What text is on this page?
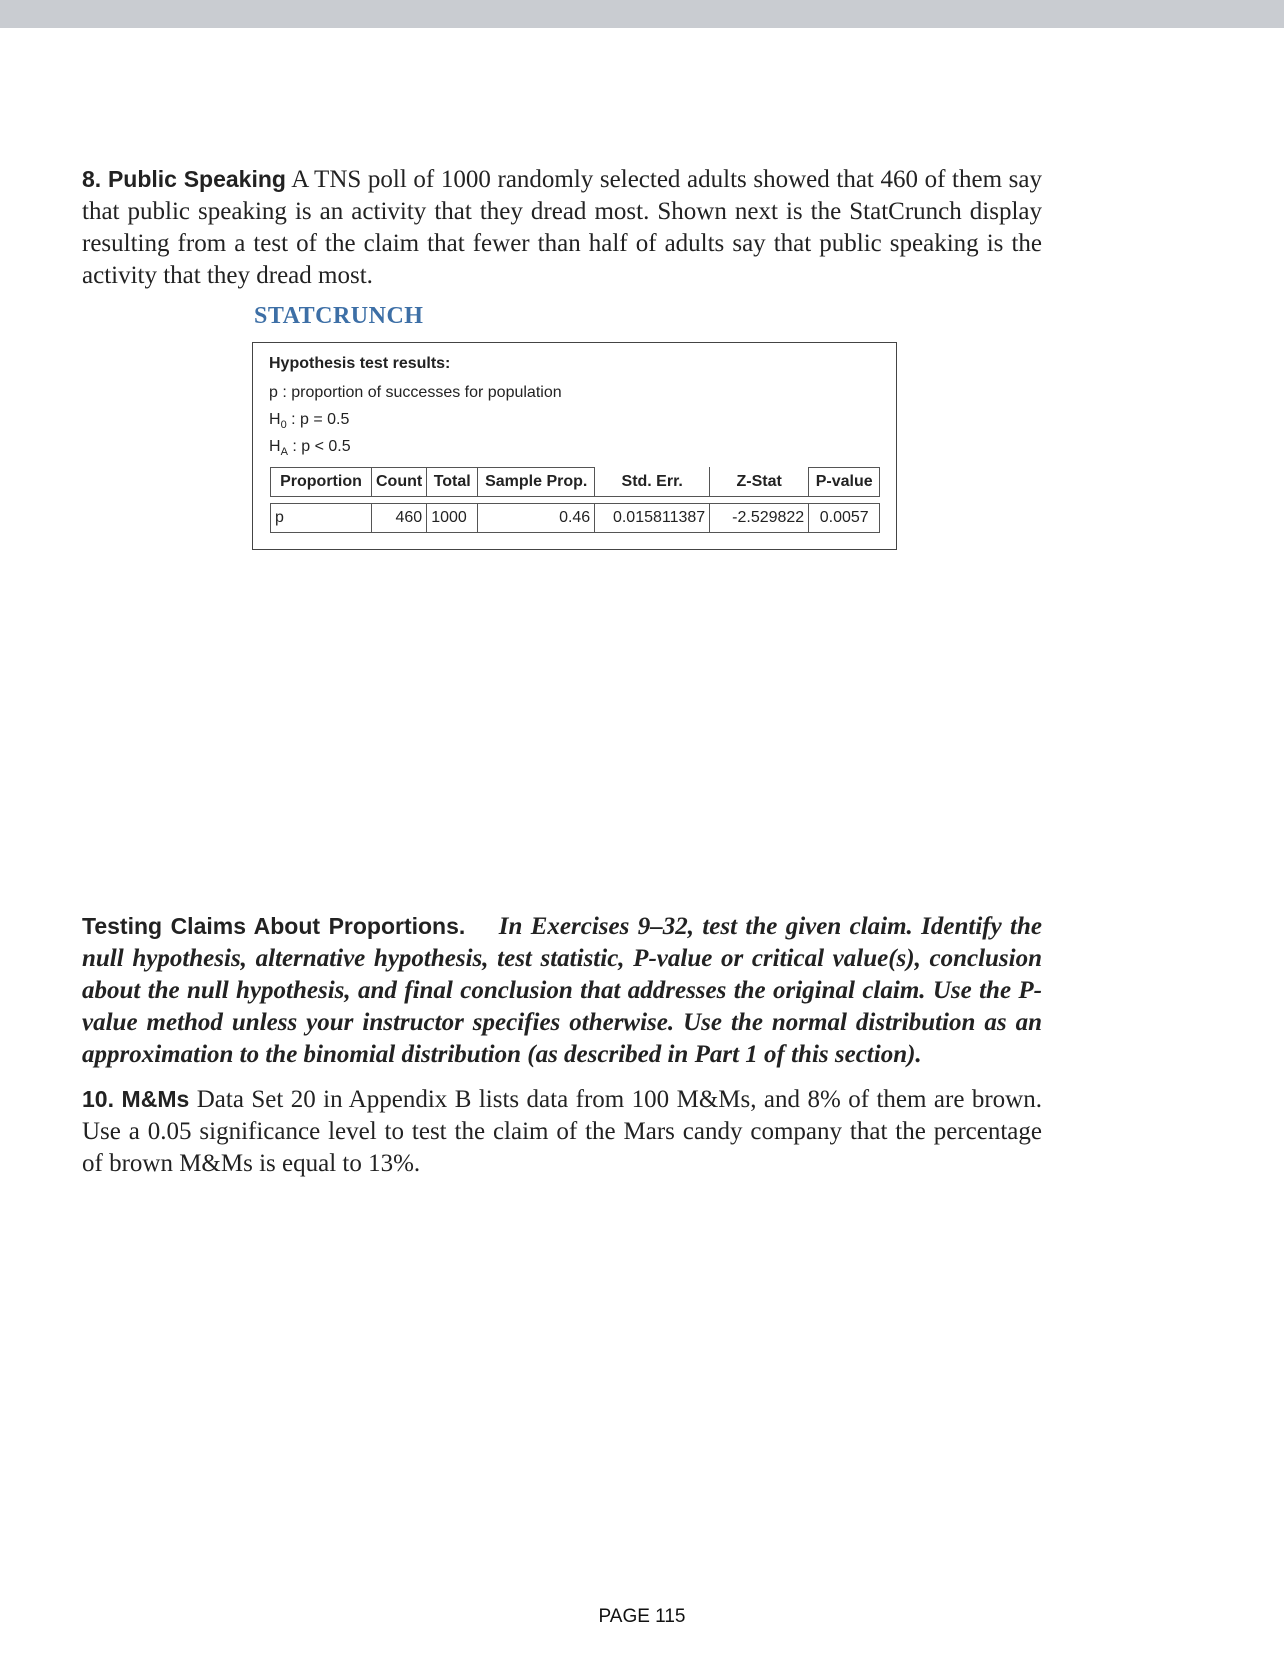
8. Public Speaking A TNS poll of 1000 randomly selected adults showed that 460 of them say that public speaking is an activity that they dread most. Shown next is the StatCrunch display resulting from a test of the claim that fewer than half of adults say that public speaking is the activity that they dread most.
STATCRUNCH
Hypothesis test results:
p : proportion of successes for population
$H_0$ : p = 0.5
$H_A$ : p < 0.5
Proportion	Count	Total	Sample Prop.	Std. Err.	Z-Stat	P-value

p	460	1000	0.46	0.015811387	-2.529822	0.0057
Testing Claims About Proportions. In Exercises 9–32, test the given claim. Identify the null hypothesis, alternative hypothesis, test statistic, P-value or critical value(s), conclusion about the null hypothesis, and final conclusion that addresses the original claim. Use the P-value method unless your instructor specifies otherwise. Use the normal distribution as an approximation to the binomial distribution (as described in Part 1 of this section).
10. M&Ms Data Set 20 in Appendix B lists data from 100 M&Ms, and 8% of them are brown. Use a 0.05 significance level to test the claim of the Mars candy company that the percentage of brown M&Ms is equal to 13%.
PAGE 115
